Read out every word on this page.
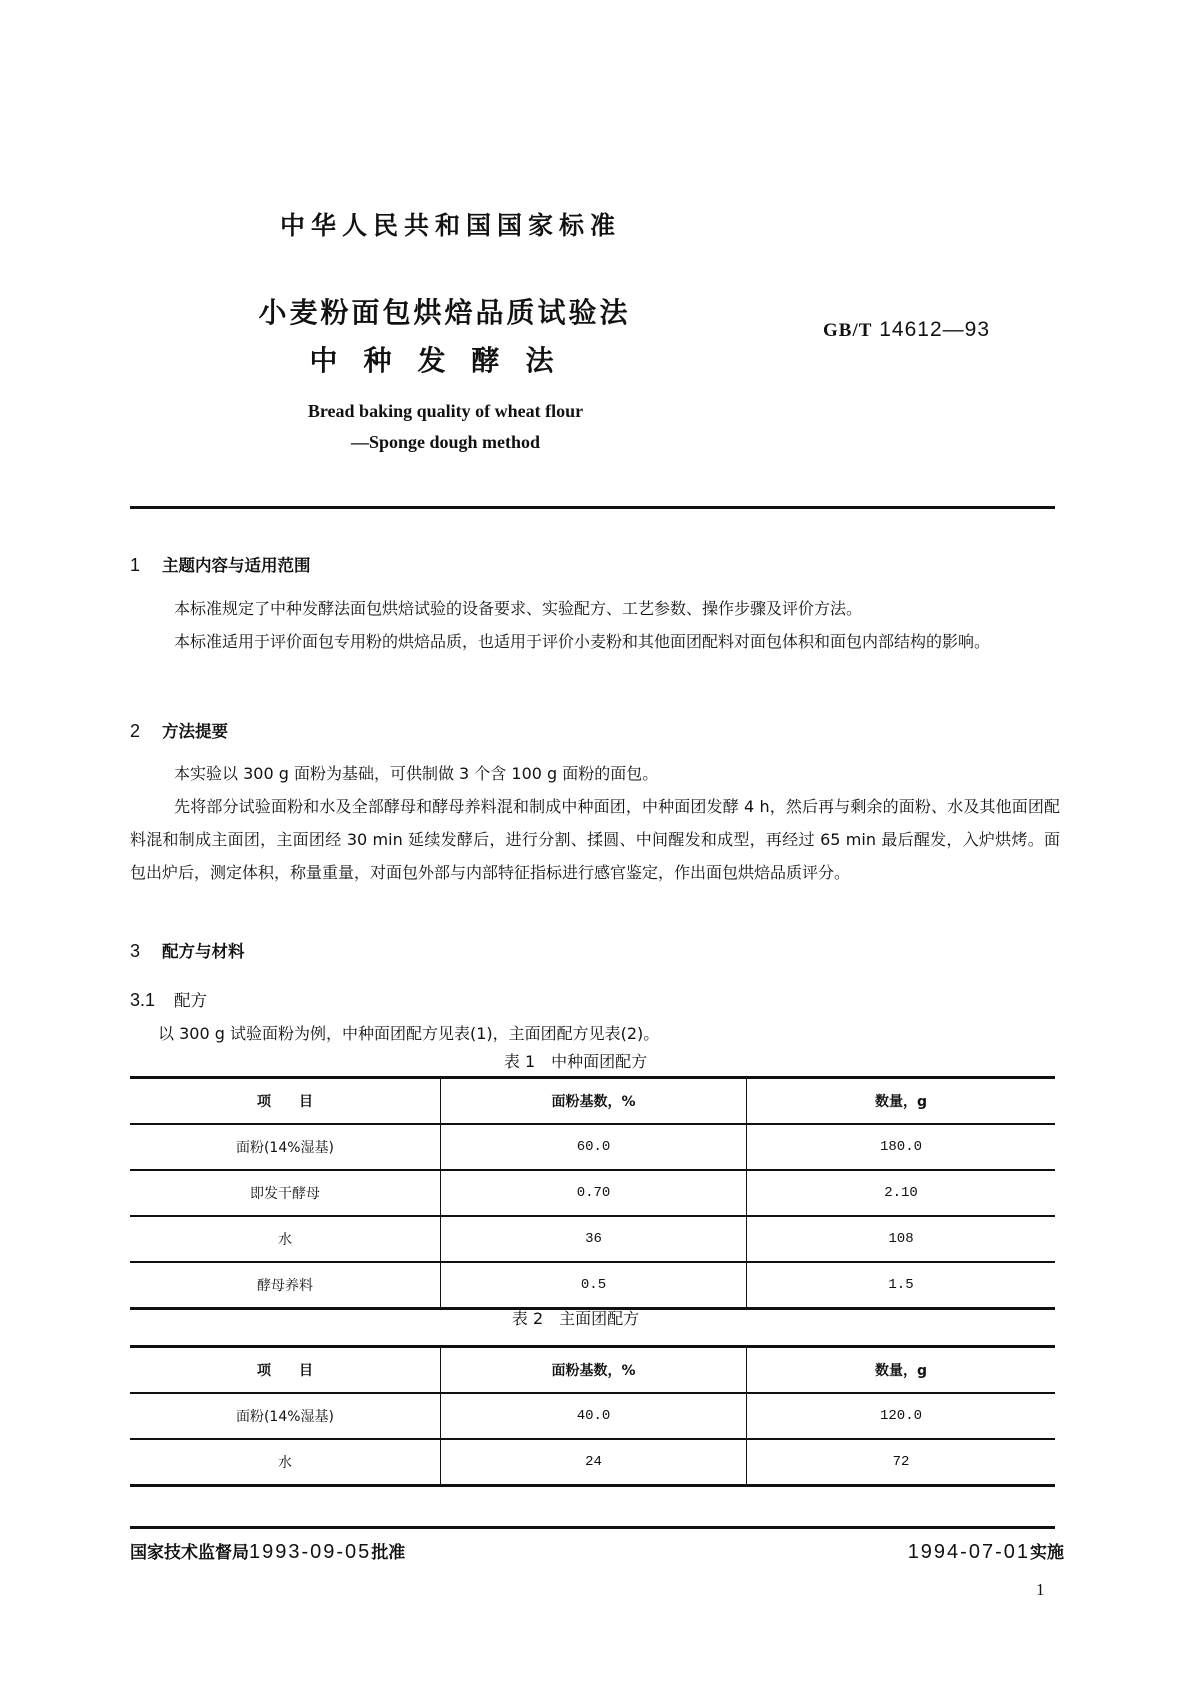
中华人民共和国国家标准
小麦粉面包烘焙品质试验法
中种发酵法
GB/T 14612—93
Bread baking quality of wheat flour
—Sponge dough method
1 主题内容与适用范围
本标准规定了中种发酵法面包烘焙试验的设备要求、实验配方、工艺参数、操作步骤及评价方法。
本标准适用于评价面包专用粉的烘焙品质，也适用于评价小麦粉和其他面团配料对面包体积和面包内部结构的影响。
2 方法提要
本实验以 300 g 面粉为基础，可供制做 3 个含 100 g 面粉的面包。
先将部分试验面粉和水及全部酵母和酵母养料混和制成中种面团，中种面团发酵 4 h，然后再与剩余的面粉、水及其他面团配料混和制成主面团，主面团经 30 min 延续发酵后，进行分割、揉圆、中间醒发和成型，再经过 65 min 最后醒发，入炉烘烤。面包出炉后，测定体积，称量重量，对面包外部与内部特征指标进行感官鉴定，作出面包烘焙品质评分。
3 配方与材料
3.1 配方
以 300 g 试验面粉为例，中种面团配方见表(1)，主面团配方见表(2)。
表 1　中种面团配方
项　　目	面粉基数，%	数量，g
面粉(14%湿基)	60.0	180.0
即发干酵母	0.70	2.10
水	36	108
酵母养料	0.5	1.5
表 2　主面团配方
项　　目	面粉基数，%	数量，g
面粉(14%湿基)	40.0	120.0
水	24	72
国家技术监督局1993-09-05批准	1994-07-01实施
1
